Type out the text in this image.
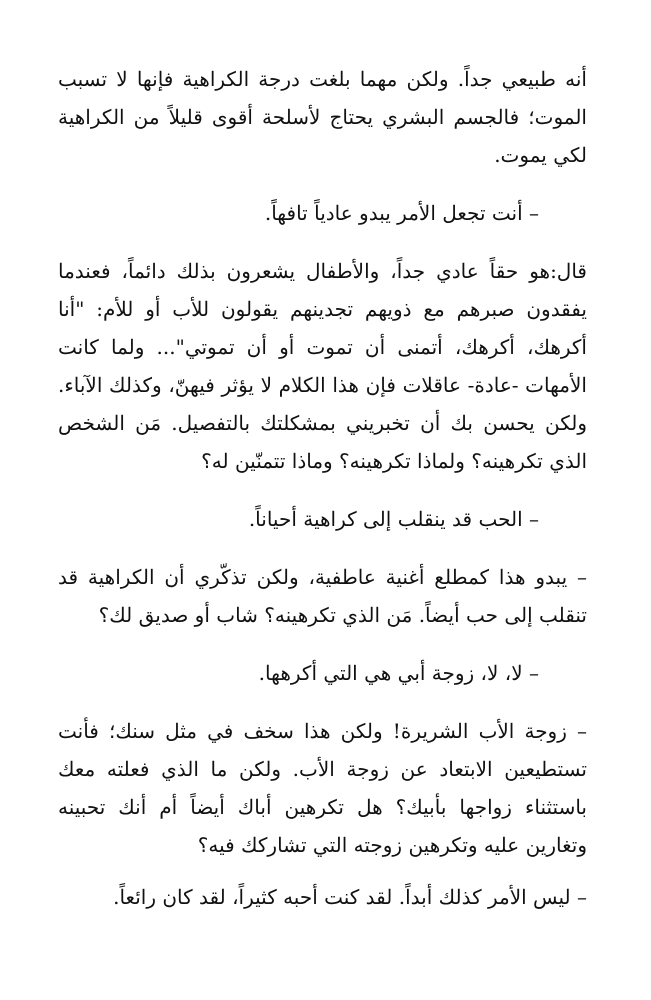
أنه طبيعي جداً. ولكن مهما بلغت درجة الكراهية فإنها لا تسبب الموت؛ فالجسم البشري يحتاج لأسلحة أقوى قليلاً من الكراهية لكي يموت.

– أنت تجعل الأمر يبدو عادياً تافهاً.

قال:هو حقاً عادي جداً، والأطفال يشعرون بذلك دائماً، فعندما يفقدون صبرهم مع ذويهم تجدينهم يقولون للأب أو للأم: "أنا أكرهك، أكرهك، أتمنى أن تموت أو أن تموتي"... ولما كانت الأمهات -عادة- عاقلات فإن هذا الكلام لا يؤثر فيهنّ، وكذلك الآباء. ولكن يحسن بك أن تخبريني بمشكلتك بالتفصيل. مَن الشخص الذي تكرهينه؟ ولماذا تكرهينه؟ وماذا تتمنّين له؟

– الحب قد ينقلب إلى كراهية أحياناً.

– يبدو هذا كمطلع أغنية عاطفية، ولكن تذكّري أن الكراهية قد تنقلب إلى حب أيضاً. مَن الذي تكرهينه؟ شاب أو صديق لك؟

– لا، لا، زوجة أبي هي التي أكرهها.

– زوجة الأب الشريرة! ولكن هذا سخف في مثل سنك؛ فأنت تستطيعين الابتعاد عن زوجة الأب. ولكن ما الذي فعلته معك باستثناء زواجها بأبيك؟ هل تكرهين أباك أيضاً أم أنك تحبينه وتغارين عليه وتكرهين زوجته التي تشاركك فيه؟

– ليس الأمر كذلك أبداً. لقد كنت أحبه كثيراً، لقد كان رائعاً.
